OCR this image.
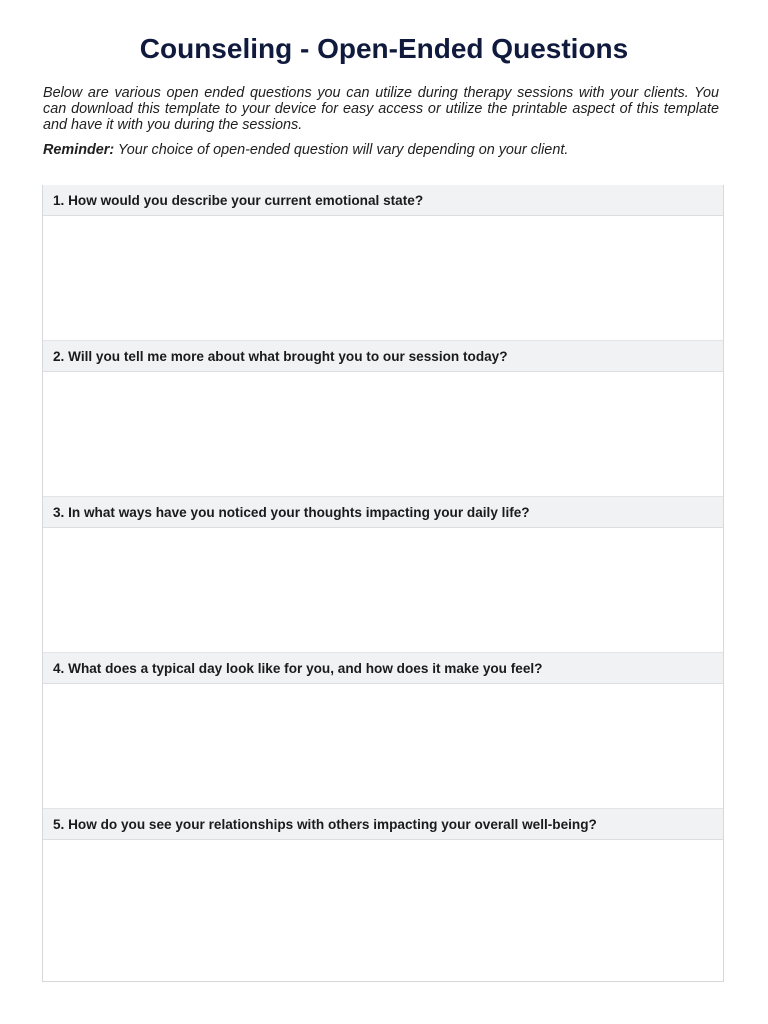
Counseling - Open-Ended Questions

Below are various open ended questions you can utilize during therapy sessions with your clients. You can download this template to your device for easy access or utilize the printable aspect of this template and have it with you during the sessions.

Reminder: Your choice of open-ended question will vary depending on your client.

1. How would you describe your current emotional state?
2. Will you tell me more about what brought you to our session today?
3. In what ways have you noticed your thoughts impacting your daily life?
4. What does a typical day look like for you, and how does it make you feel?
5. How do you see your relationships with others impacting your overall well-being?
